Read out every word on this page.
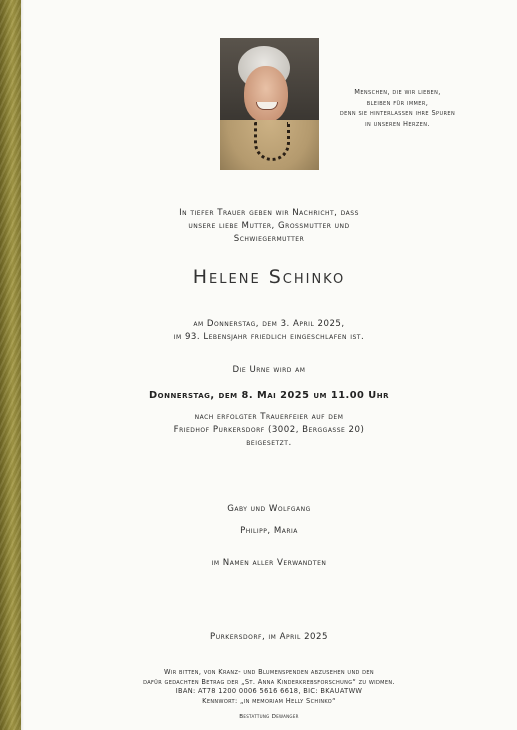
Menschen, die wir lieben,
bleiben für immer,
denn sie hinterlassen ihre Spuren
in unseren Herzen.
In tiefer Trauer geben wir Nachricht, dass
unsere liebe Mutter, Grossmutter und
Schwiegermutter
Helene Schinko
am Donnerstag, dem 3. April 2025,
im 93. Lebensjahr friedlich eingeschlafen ist.
Die Urne wird am
Donnerstag, dem 8. Mai 2025 um 11.00 Uhr
nach erfolgter Trauerfeier auf dem
Friedhof Purkersdorf (3002, Berggasse 20)
beigesetzt.
Gaby und Wolfgang
Philipp, Maria
im Namen aller Verwandten
Purkersdorf, im April 2025
Wir bitten, von Kranz- und Blumenspenden abzusehen und den
dafür gedachten Betrag der „St. Anna Kinderkrebsforschung“ zu widmen.
IBAN: AT78 1200 0006 5616 6618, BIC: BKAUATWW
Kennwort: „in memoriam Helly Schinko“
Bestattung Dewanger
